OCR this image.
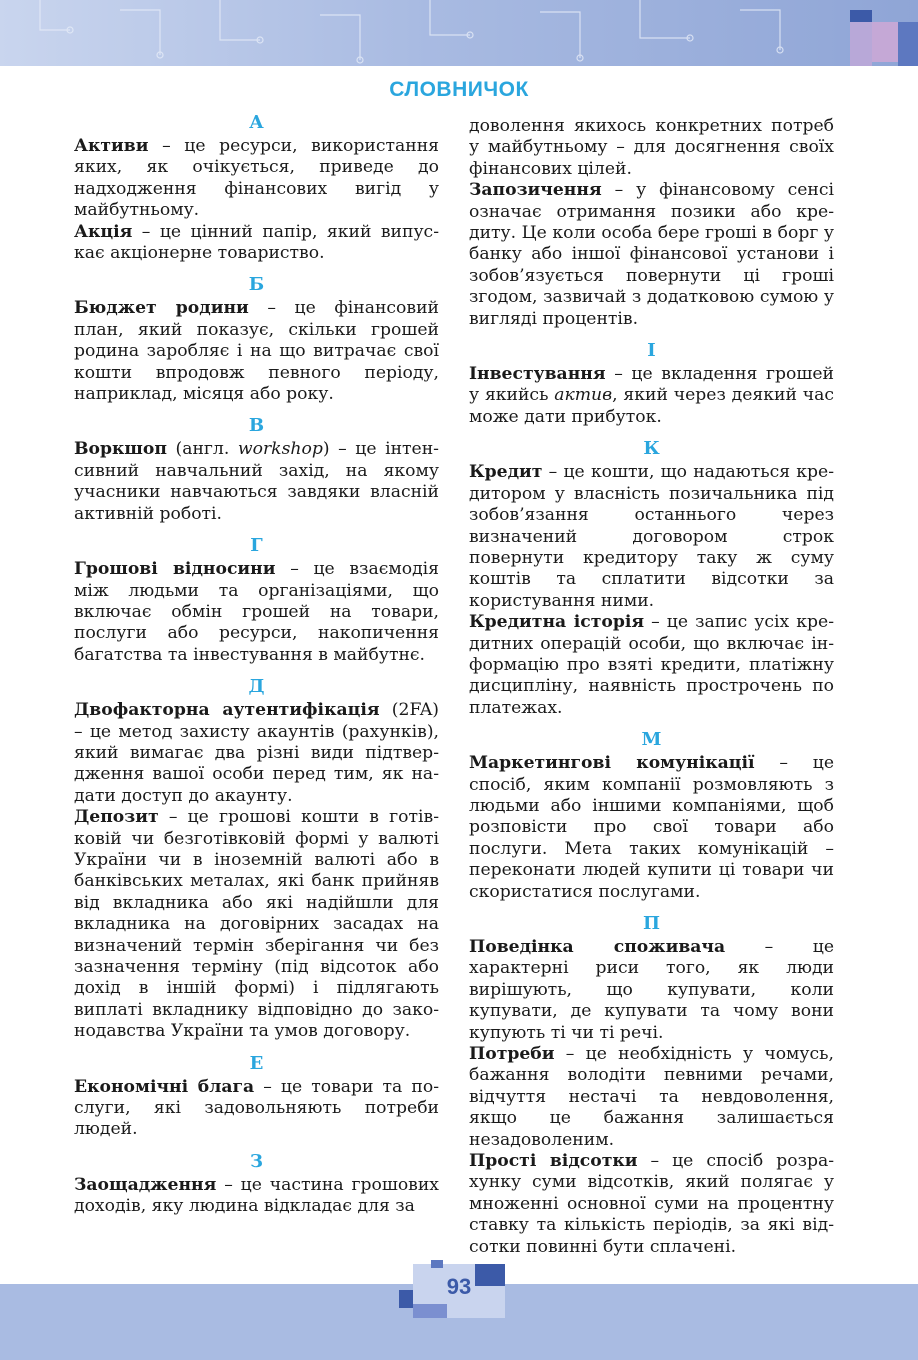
СЛОВНИЧОК
А

Активи – це ресурси, використання яких, як очікується, приведе до надходження фінансових вигід у майбутньому.

Акція – це цінний папір, який випускає акціонерне товариство.

Б

Бюджет родини – це фінансовий план, який показує, скільки грошей родина заробляє і на що витрачає свої кошти впродовж певного періоду, наприклад, місяця або року.

В

Воркшоп (англ. workshop) – це інтенсивний навчальний захід, на якому учасники навчаються завдяки власній активній роботі.

Г

Грошові відносини – це взаємодія між людьми та організаціями, що включає обмін грошей на товари, послуги або ресурси, накопичення багатства та інвестування в майбутнє.

Д

Двофакторна аутентифікація (2FA) – це метод захисту акаунтів (рахунків), який вимагає два різні види підтвердження вашої особи перед тим, як надати доступ до акаунту.

Депозит – це грошові кошти в готівковій чи безготівковій формі у валюті України чи в іноземній валюті або в банківських металах, які банк прийняв від вкладника або які надійшли для вкладника на договірних засадах на визначений термін зберігання чи без зазначення терміну (під відсоток або дохід в іншій формі) і підлягають виплаті вкладнику відповідно до законодавства України та умов договору.

Е

Економічні блага – це товари та послуги, які задовольняють потреби людей.

З

Заощадження – це частина грошових доходів, яку людина відкладає для за

доволення якихось конкретних потреб у майбутньому – для досягнення своїх фінансових цілей.

Запозичення – у фінансовому сенсі означає отримання позики або кредиту. Це коли особа бере гроші в борг у банку або іншої фінансової установи і зобов’язується повернути ці гроші згодом, зазвичай з додатковою сумою у вигляді процентів.

І

Інвестування – це вкладення грошей у якийсь актив, який через деякий час може дати прибуток.

К

Кредит – це кошти, що надаються кредитором у власність позичальника під зобов’язання останнього через визначений договором строк повернути кредитору таку ж суму коштів та сплатити відсотки за користування ними.

Кредитна історія – це запис усіх кредитних операцій особи, що включає інформацію про взяті кредити, платіжну дисципліну, наявність прострочень по платежах.

М

Маркетингові комунікації – це спосіб, яким компанії розмовляють з людьми або іншими компаніями, щоб розповісти про свої товари або послуги. Мета таких комунікацій – переконати людей купити ці товари чи скористатися послугами.

П

Поведінка споживача – це характерні риси того, як люди вирішують, що купувати, коли купувати, де купувати та чому вони купують ті чи ті речі.

Потреби – це необхідність у чомусь, бажання володіти певними речами, відчуття нестачі та невдоволення, якщо це бажання залишається незадоволеним.

Прості відсотки – це спосіб розрахунку суми відсотків, який полягає у множенні основної суми на процентну ставку та кількість періодів, за які відсотки повинні бути сплачені.

93
